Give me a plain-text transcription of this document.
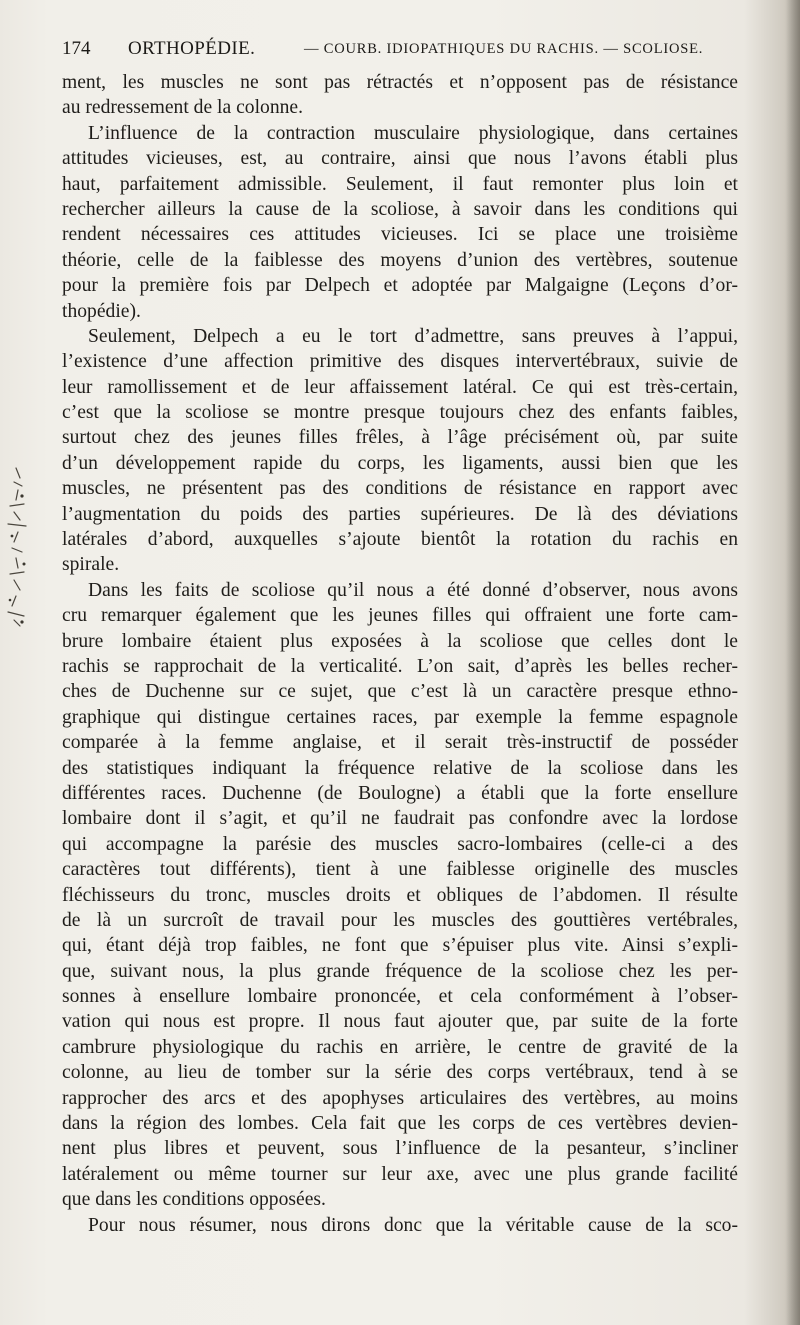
174 ORTHOPÉDIE.	— COURB. IDIOPATHIQUES DU RACHIS. — SCOLIOSE.
ment, les muscles ne sont pas rétractés et n’opposent pas de résistance
au redressement de la colonne.
L’influence de la contraction musculaire physiologique, dans certaines
attitudes vicieuses, est, au contraire, ainsi que nous l’avons établi plus
haut, parfaitement admissible. Seulement, il faut remonter plus loin et
rechercher ailleurs la cause de la scoliose, à savoir dans les conditions qui
rendent nécessaires ces attitudes vicieuses. Ici se place une troisième
théorie, celle de la faiblesse des moyens d’union des vertèbres, soutenue
pour la première fois par Delpech et adoptée par Malgaigne (Leçons d’or-
thopédie).
Seulement, Delpech a eu le tort d’admettre, sans preuves à l’appui,
l’existence d’une affection primitive des disques intervertébraux, suivie de
leur ramollissement et de leur affaissement latéral. Ce qui est très-certain,
c’est que la scoliose se montre presque toujours chez des enfants faibles,
surtout chez des jeunes filles frêles, à l’âge précisément où, par suite
d’un développement rapide du corps, les ligaments, aussi bien que les
muscles, ne présentent pas des conditions de résistance en rapport avec
l’augmentation du poids des parties supérieures. De là des déviations
latérales d’abord, auxquelles s’ajoute bientôt la rotation du rachis en
spirale.
Dans les faits de scoliose qu’il nous a été donné d’observer, nous avons
cru remarquer également que les jeunes filles qui offraient une forte cam-
brure lombaire étaient plus exposées à la scoliose que celles dont le
rachis se rapprochait de la verticalité. L’on sait, d’après les belles recher-
ches de Duchenne sur ce sujet, que c’est là un caractère presque ethno-
graphique qui distingue certaines races, par exemple la femme espagnole
comparée à la femme anglaise, et il serait très-instructif de posséder
des statistiques indiquant la fréquence relative de la scoliose dans les
différentes races. Duchenne (de Boulogne) a établi que la forte ensellure
lombaire dont il s’agit, et qu’il ne faudrait pas confondre avec la lordose
qui accompagne la parésie des muscles sacro-lombaires (celle-ci a des
caractères tout différents), tient à une faiblesse originelle des muscles
fléchisseurs du tronc, muscles droits et obliques de l’abdomen. Il résulte
de là un surcroît de travail pour les muscles des gouttières vertébrales,
qui, étant déjà trop faibles, ne font que s’épuiser plus vite. Ainsi s’expli-
que, suivant nous, la plus grande fréquence de la scoliose chez les per-
sonnes à ensellure lombaire prononcée, et cela conformément à l’obser-
vation qui nous est propre. Il nous faut ajouter que, par suite de la forte
cambrure physiologique du rachis en arrière, le centre de gravité de la
colonne, au lieu de tomber sur la série des corps vertébraux, tend à se
rapprocher des arcs et des apophyses articulaires des vertèbres, au moins
dans la région des lombes. Cela fait que les corps de ces vertèbres devien-
nent plus libres et peuvent, sous l’influence de la pesanteur, s’incliner
latéralement ou même tourner sur leur axe, avec une plus grande facilité
que dans les conditions opposées.
Pour nous résumer, nous dirons donc que la véritable cause de la sco-
